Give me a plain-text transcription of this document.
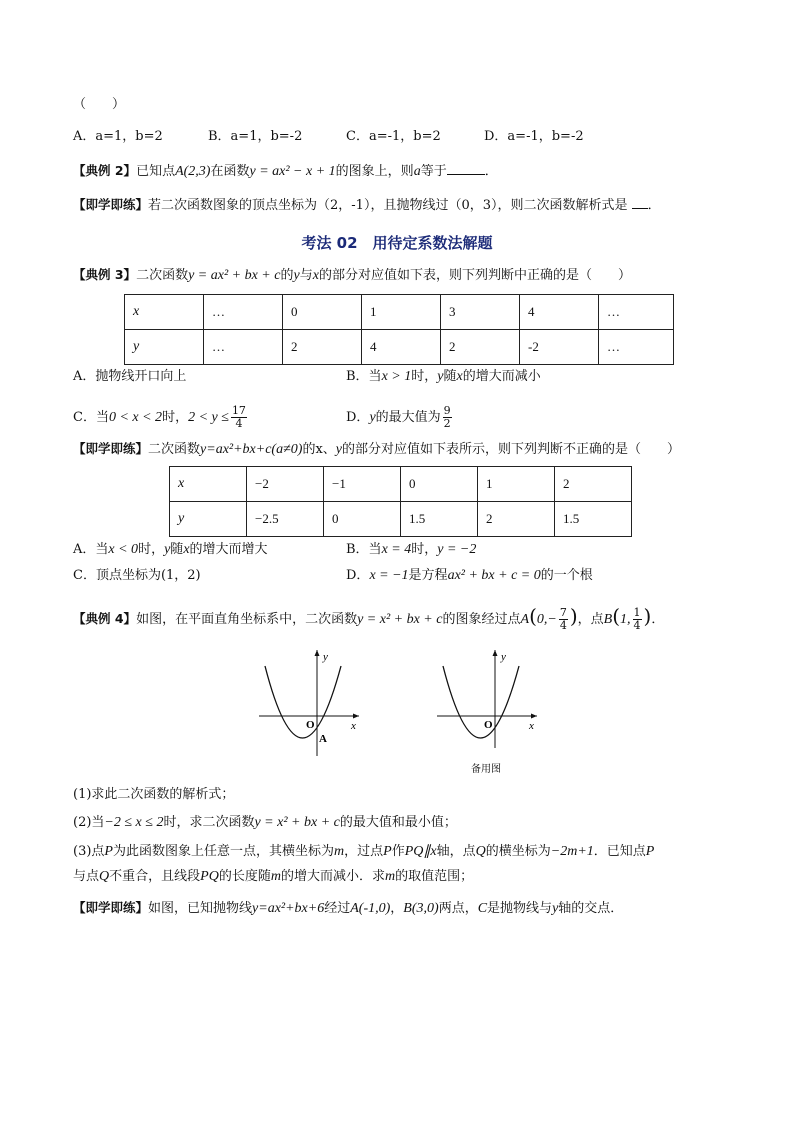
（　　）
A．a=1，b=2	B．a=1，b=-2	C．a=-1，b=2	D．a=-1，b=-2
【典例 2】已知点A(2,3)在函数y = ax² − x + 1的图象上，则a等于	．
【即学即练】若二次函数图象的顶点坐标为（2，-1），且抛物线过（0，3），则二次函数解析式是 ．
考法 02　用待定系数法解题
【典例 3】二次函数y = ax² + bx + c的y与x的部分对应值如下表，则下列判断中正确的是（　　）
x	…	0	1	3	4	…
y	…	2	4	2	-2	…
A．抛物线开口向上	B．当x > 1时，y随x的增大而减小
C．当0 < x < 2时，$2 < y \le \frac{17}{4}$	D．y的最大值为 $\frac{9}{2}$
【即学即练】二次函数y=ax²+bx+c(a≠0)的x、y的部分对应值如下表所示，则下列判断不正确的是（　　）
x	−2	−1	0	1	2
y	−2.5	0	1.5	2	1.5
A．当x < 0时，y随x的增大而增大	B．当x = 4时，y = −2
C．顶点坐标为(1，2)	D．x = −1是方程ax² + bx + c = 0的一个根
【典例 4】如图，在平面直角坐标系中，二次函数y = x² + bx + c的图象经过点$A(0,- \frac{7}{4}$ )，点B(1, $\frac{1}{4}$ )．
y
x
O
A
y
x
O
备用图
(1)求此二次函数的解析式；
(2)当−2 ≤ x ≤ 2时，求二次函数y = x² + bx + c的最大值和最小值；
(3)点P为此函数图象上任意一点，其横坐标为m，过点P作PQ∥x轴，点Q的横坐标为−2m+1．已知点P
与点Q不重合，且线段PQ的长度随m的增大而减小．求m的取值范围；
【即学即练】如图，已知抛物线y=ax²+bx+6经过A(-1,0)，B(3,0)两点，C是抛物线与y轴的交点．
